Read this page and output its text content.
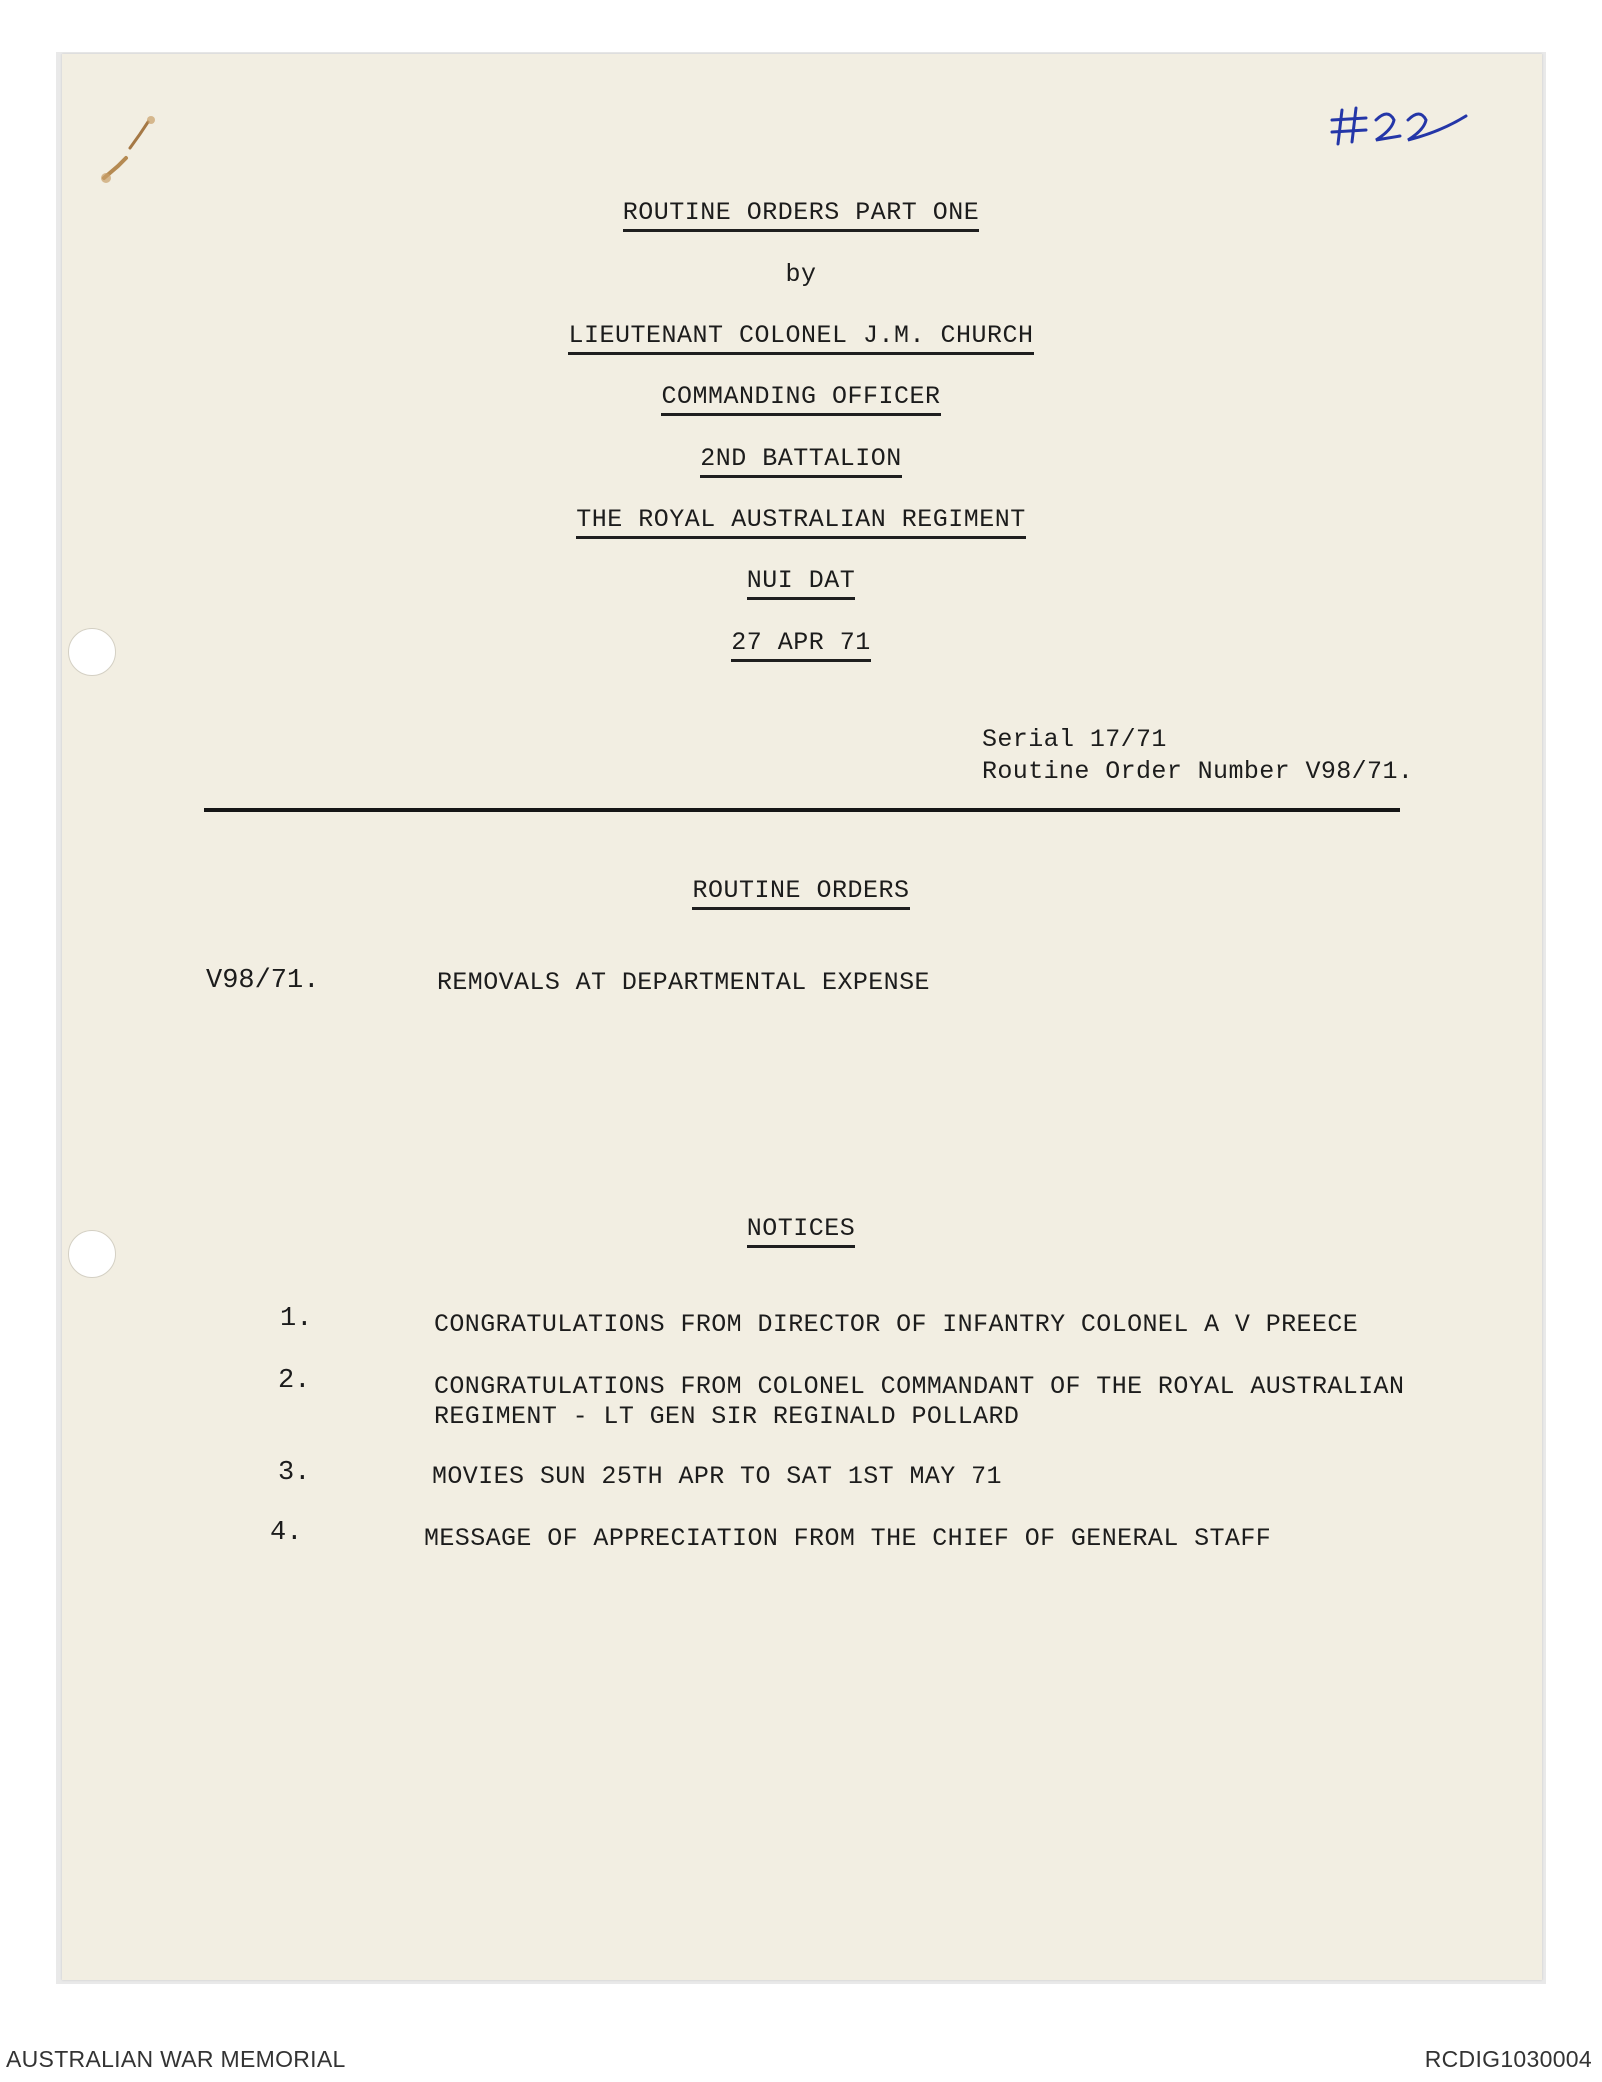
ROUTINE ORDERS PART ONE
by
LIEUTENANT COLONEL J.M. CHURCH
COMMANDING OFFICER
2ND BATTALION
THE ROYAL AUSTRALIAN REGIMENT
NUI DAT
27 APR 71
Serial 17/71
Routine Order Number V98/71.
ROUTINE ORDERS
V98/71.	REMOVALS AT DEPARTMENTAL EXPENSE
NOTICES
1.	CONGRATULATIONS FROM DIRECTOR OF INFANTRY COLONEL A V PREECE
2.	CONGRATULATIONS FROM COLONEL COMMANDANT OF THE ROYAL AUSTRALIAN
REGIMENT - LT GEN SIR REGINALD POLLARD
3.	MOVIES SUN 25TH APR TO SAT 1ST MAY 71
4.	MESSAGE OF APPRECIATION FROM THE CHIEF OF GENERAL STAFF
AUSTRALIAN WAR MEMORIAL	RCDIG1030004
